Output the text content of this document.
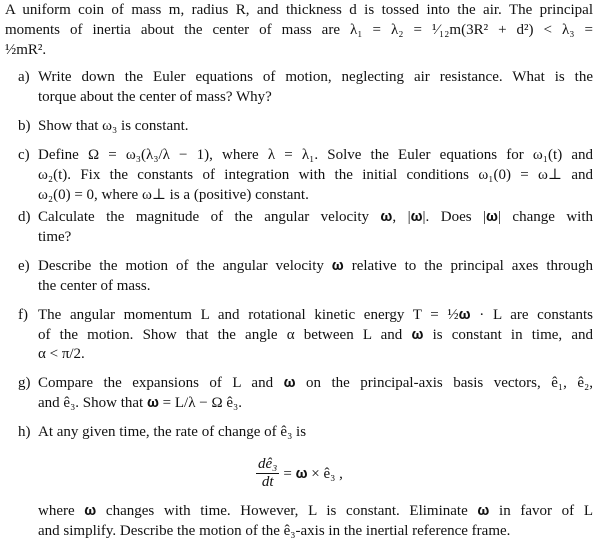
A uniform coin of mass m, radius R, and thickness d is tossed into the air. The principal
moments of inertia about the center of mass are λ₁ = λ₂ = ¹⁄₁₂m(3R² + d²) < λ₃ =
½mR².
a) Write down the Euler equations of motion, neglecting air resistance. What is the
torque about the center of mass? Why?
b) Show that ω₃ is constant.
c) Define Ω = ω₃(λ₃/λ − 1), where λ = λ₁. Solve the Euler equations for ω₁(t) and
ω₂(t). Fix the constants of integration with the initial conditions ω₁(0) = ω⊥ and
ω₂(0) = 0, where ω⊥ is a (positive) constant.
d) Calculate the magnitude of the angular velocity 𝛚, |𝛚|. Does |𝛚| change with
time?
e) Describe the motion of the angular velocity 𝛚 relative to the principal axes through
the center of mass.
f) The angular momentum L and rotational kinetic energy T = ½𝛚 · L are constants
of the motion. Show that the angle α between L and 𝛚 is constant in time, and
α < π/2.
g) Compare the expansions of L and 𝛚 on the principal-axis basis vectors, ê₁, ê₂,
and ê₃. Show that 𝛚 = L/λ − Ω ê₃.
h) At any given time, the rate of change of ê₃ is
$\frac{\text{dê₃}}{dt}$ = 𝛚 × ê₃ ,
where 𝛚 changes with time. However, L is constant. Eliminate 𝛚 in favor of L
and simplify. Describe the motion of the ê₃-axis in the inertial reference frame.
